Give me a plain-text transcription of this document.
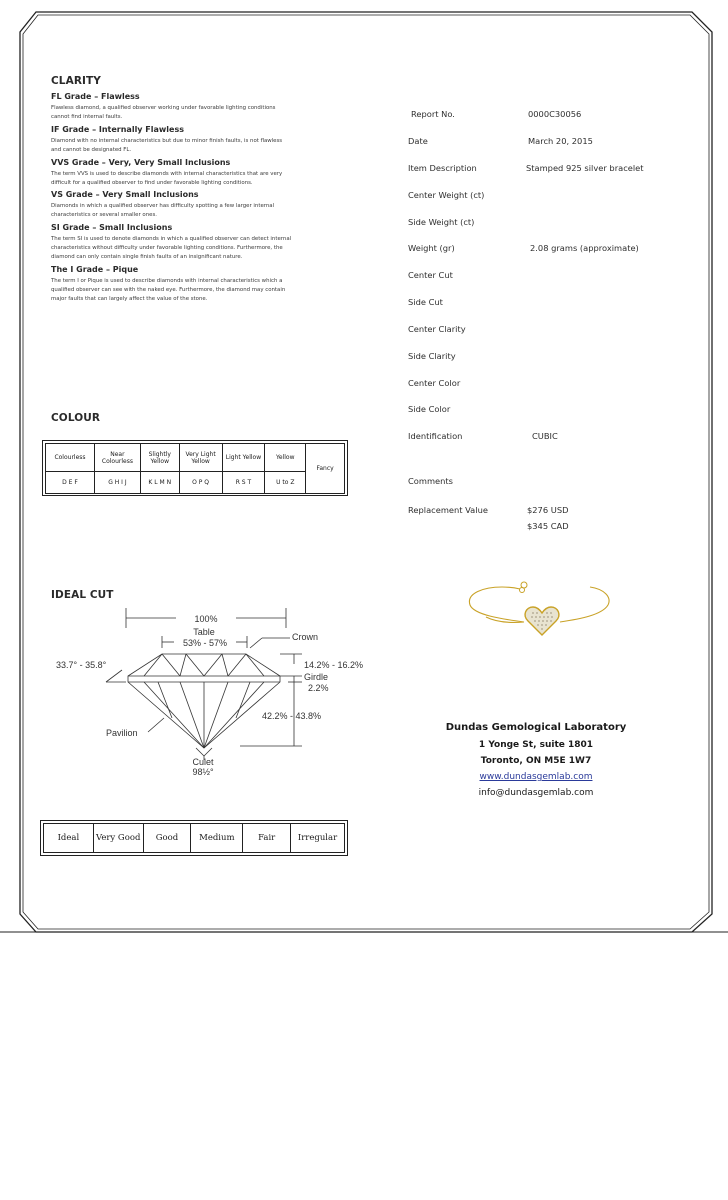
CLARITY
FL Grade – Flawless
Flawless diamond, a qualified observer working under favorable lighting conditions
cannot find internal faults.
IF Grade – Internally Flawless
Diamond with no internal characteristics but due to minor finish faults, is not flawless
and cannot be designated FL.
VVS Grade – Very, Very Small Inclusions
The term VVS is used to describe diamonds with internal characteristics that are very
difficult for a qualified observer to find under favorable lighting conditions.
VS Grade – Very Small Inclusions
Diamonds in which a qualified observer has difficulty spotting a few larger internal
characteristics or several smaller ones.
SI Grade – Small Inclusions
The term SI is used to denote diamonds in which a qualified observer can detect internal
characteristics without difficulty under favorable lighting conditions. Furthermore, the
diamond can only contain single finish faults of an insignificant nature.
The I Grade – Pique
The term I or Pique is used to describe diamonds with internal characteristics which a
qualified observer can see with the naked eye. Furthermore, the diamond may contain
major faults that can largely affect the value of the stone.
COLOUR
Colourless	Near Colourless	Slightly Yellow	Very Light Yellow	Light Yellow	Yellow	Fancy
D E F	G H I J	K L M N	O P Q	R S T	U to Z	
IDEAL CUT
100%
Table
53% - 57%
Crown
33.7° - 35.8°	14.2% - 16.2%
Girdle
2.2%
42.2% - 43.8%
Pavilion
Culet
98½°
Ideal	Very Good	Good	Medium	Fair	Irregular
Report No.	0000C30056
Date	March 20, 2015
Item Description	Stamped 925 silver bracelet
Center Weight (ct)
Side Weight (ct)
Weight (gr)	2.08 grams (approximate)
Center Cut
Side Cut
Center Clarity
Side Clarity
Center Color
Side Color
Identification	CUBIC
Comments
Replacement Value	$276 USD
$345 CAD
Dundas Gemological Laboratory
1 Yonge St, suite 1801
Toronto, ON M5E 1W7
www.dundasgemlab.com
info@dundasgemlab.com
